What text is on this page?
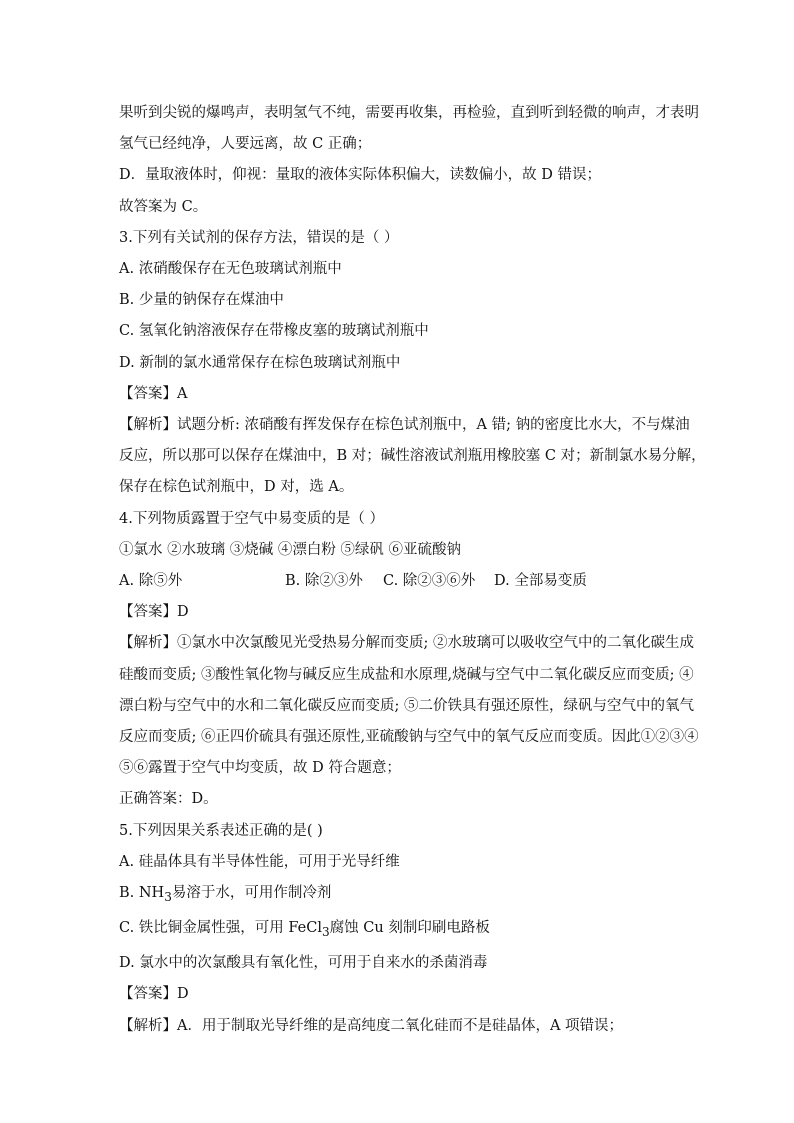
果听到尖锐的爆鸣声，表明氢气不纯，需要再收集，再检验，直到听到轻微的响声，才表明
氢气已经纯净，人要远离，故 C 正确；
D．量取液体时，仰视：量取的液体实际体积偏大，读数偏小，故 D 错误；
故答案为 C。
3.下列有关试剂的保存方法，错误的是（ ）
A. 浓硝酸保存在无色玻璃试剂瓶中
B. 少量的钠保存在煤油中
C. 氢氧化钠溶液保存在带橡皮塞的玻璃试剂瓶中
D. 新制的氯水通常保存在棕色玻璃试剂瓶中
【答案】A
【解析】试题分析: 浓硝酸有挥发保存在棕色试剂瓶中，A 错; 钠的密度比水大，不与煤油
反应，所以那可以保存在煤油中，B 对；碱性溶液试剂瓶用橡胶塞 C 对；新制氯水易分解，
保存在棕色试剂瓶中，D 对，选 A。
4.下列物质露置于空气中易变质的是（ ）
①氯水 ②水玻璃 ③烧碱 ④漂白粉 ⑤绿矾 ⑥亚硫酸钠
A. 除⑤外	B. 除②③外 C. 除②③⑥外 D. 全部易变质
【答案】D
【解析】①氯水中次氯酸见光受热易分解而变质; ②水玻璃可以吸收空气中的二氧化碳生成
硅酸而变质; ③酸性氧化物与碱反应生成盐和水原理,烧碱与空气中二氧化碳反应而变质; ④
漂白粉与空气中的水和二氧化碳反应而变质; ⑤二价铁具有强还原性，绿矾与空气中的氧气
反应而变质; ⑥正四价硫具有强还原性,亚硫酸钠与空气中的氧气反应而变质。因此①②③④
⑤⑥露置于空气中均变质，故 D 符合题意；
正确答案：D。
5.下列因果关系表述正确的是( )
A. 硅晶体具有半导体性能，可用于光导纤维
B. $NH_3$易溶于水，可用作制冷剂
C. 铁比铜金属性强，可用 FeCl$_3$腐蚀 Cu 刻制印刷电路板
D. 氯水中的次氯酸具有氧化性，可用于自来水的杀菌消毒
【答案】D
【解析】A．用于制取光导纤维的是高纯度二氧化硅而不是硅晶体，A 项错误；
